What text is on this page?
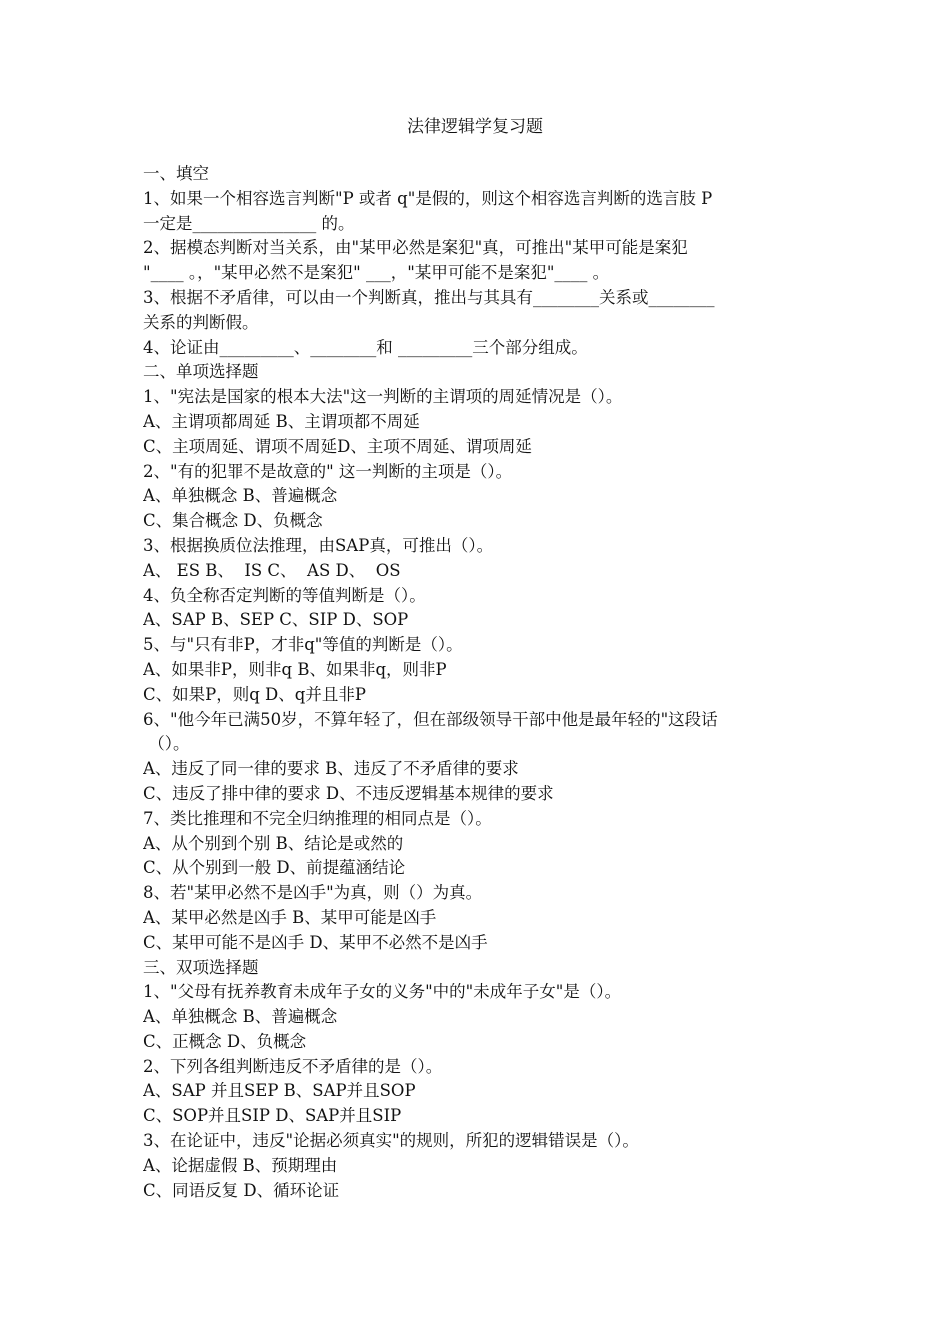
法律逻辑学复习题
一、填空
1、如果一个相容选言判断"P 或者 q"是假的，则这个相容选言判断的选言肢 P
一定是_______________ 的。
2、据模态判断对当关系，由"某甲必然是案犯"真，可推出"某甲可能是案犯
"____ 。，"某甲必然不是案犯" ___，"某甲可能不是案犯"____ 。
3、根据不矛盾律，可以由一个判断真，推出与其具有________关系或________
关系的判断假。
4、论证由_________、________和 _________三个部分组成。
二、单项选择题
1、"宪法是国家的根本大法"这一判断的主谓项的周延情况是（）。
A、主谓项都周延 B、主谓项都不周延
C、主项周延、谓项不周延D、主项不周延、谓项周延
2、"有的犯罪不是故意的" 这一判断的主项是（）。
A、单独概念 B、普遍概念
C、集合概念 D、负概念
3、根据换质位法推理，由SAP真，可推出（）。
A、 ES B、  IS C、  AS D、  OS
4、负全称否定判断的等值判断是（）。
A、SAP B、SEP C、SIP D、SOP
5、与"只有非P，才非q"等值的判断是（）。
A、如果非P，则非q B、如果非q，则非P
C、如果P，则q D、q并且非P
6、"他今年已满50岁，不算年轻了，但在部级领导干部中他是最年轻的"这段话
（）。
A、违反了同一律的要求 B、违反了不矛盾律的要求
C、违反了排中律的要求 D、不违反逻辑基本规律的要求
7、类比推理和不完全归纳推理的相同点是（）。
A、从个别到个别 B、结论是或然的
C、从个别到一般 D、前提蕴涵结论
8、若"某甲必然不是凶手"为真，则（）为真。
A、某甲必然是凶手 B、某甲可能是凶手
C、某甲可能不是凶手 D、某甲不必然不是凶手
三、双项选择题
1、"父母有抚养教育未成年子女的义务"中的"未成年子女"是（）。
A、单独概念 B、普遍概念
C、正概念 D、负概念
2、下列各组判断违反不矛盾律的是（）。
A、SAP 并且SEP B、SAP并且SOP
C、SOP并且SIP D、SAP并且SIP
3、在论证中，违反"论据必须真实"的规则，所犯的逻辑错误是（）。
A、论据虚假 B、预期理由
C、同语反复 D、循环论证
